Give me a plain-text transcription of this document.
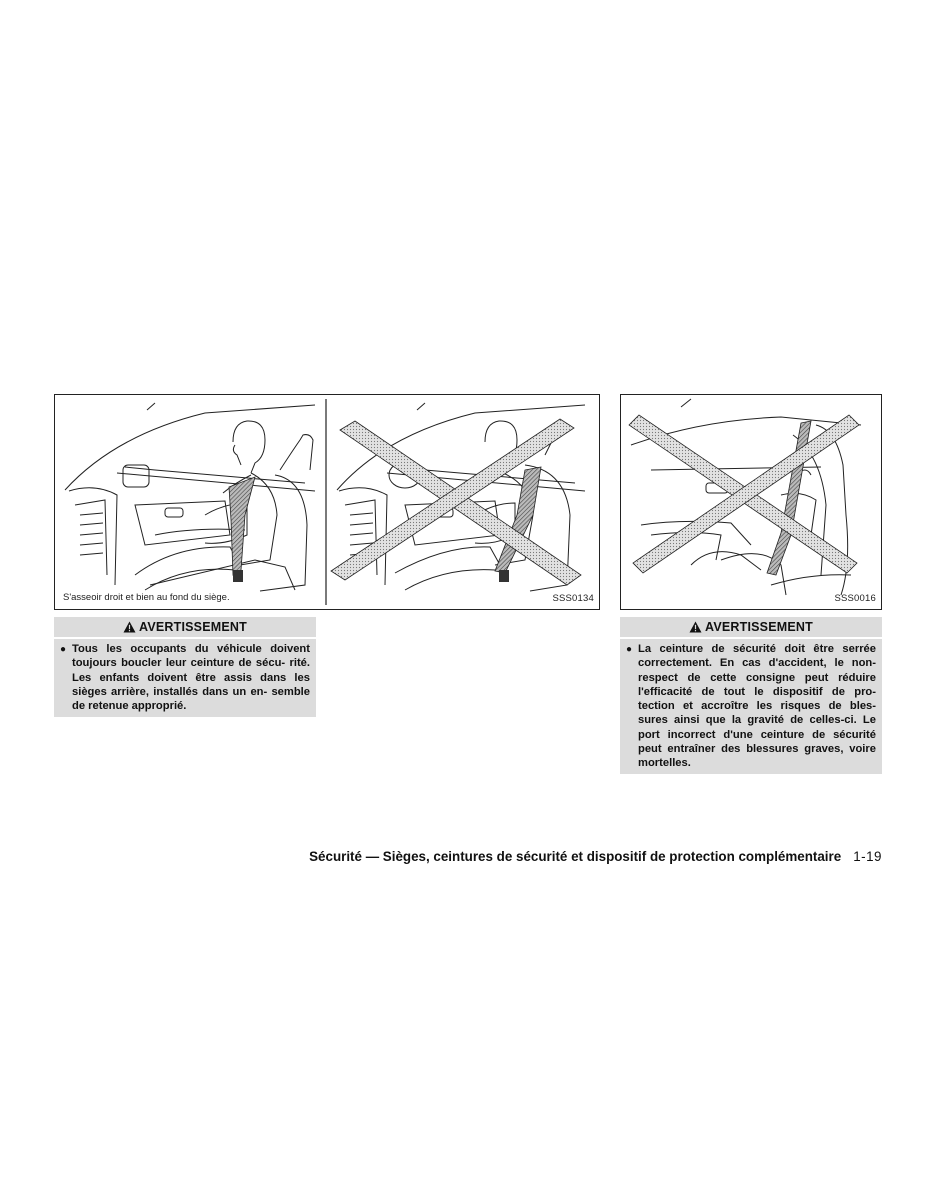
S'asseoir droit et bien au fond du siège.	SSS0134	SSS0016
AVERTISSEMENT
● Tous les occupants du véhicule doivent toujours boucler leur ceinture de sécu- rité. Les enfants doivent être assis dans les sièges arrière, installés dans un en- semble de retenue approprié.
AVERTISSEMENT
● La ceinture de sécurité doit être serrée correctement. En cas d'accident, le non- respect de cette consigne peut réduire l'efficacité de tout le dispositif de pro- tection et accroître les risques de bles- sures ainsi que la gravité de celles-ci. Le port incorrect d'une ceinture de sécurité peut entraîner des blessures graves, voire mortelles.
Sécurité — Sièges, ceintures de sécurité et dispositif de protection complémentaire 1-19
